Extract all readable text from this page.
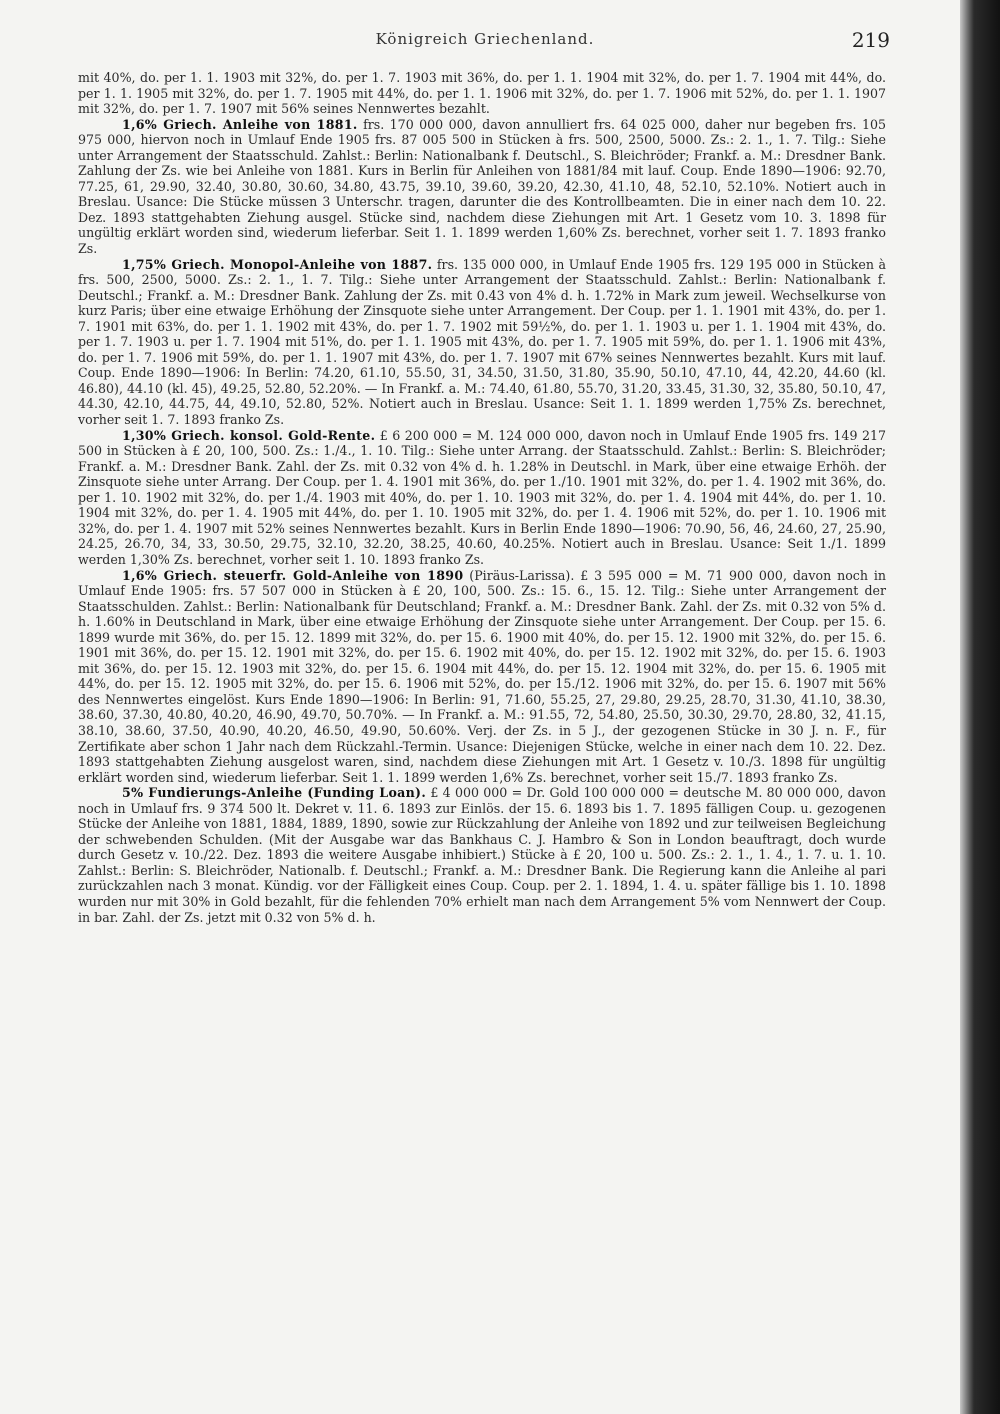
Königreich Griechenland.	219

mit 40%, do. per 1. 1. 1903 mit 32%, do. per 1. 7. 1903 mit 36%, do. per 1. 1. 1904 mit 32%, do. per 1. 7. 1904 mit 44%, do. per 1. 1. 1905 mit 32%, do. per 1. 7. 1905 mit 44%, do. per 1. 1. 1906 mit 32%, do. per 1. 7. 1906 mit 52%, do. per 1. 1. 1907 mit 32%, do. per 1. 7. 1907 mit 56% seines Nennwertes bezahlt.

1,6% Griech. Anleihe von 1881. frs. 170 000 000, davon annulliert frs. 64 025 000, daher nur begeben frs. 105 975 000, hiervon noch in Umlauf Ende 1905 frs. 87 005 500 in Stücken à frs. 500, 2500, 5000. Zs.: 2. 1., 1. 7. Tilg.: Siehe unter Arrangement der Staatsschuld. Zahlst.: Berlin: Nationalbank f. Deutschl., S. Bleichröder; Frankf. a. M.: Dresdner Bank. Zahlung der Zs. wie bei Anleihe von 1881. Kurs in Berlin für Anleihen von 1881/84 mit lauf. Coup. Ende 1890—1906: 92.70, 77.25, 61, 29.90, 32.40, 30.80, 30.60, 34.80, 43.75, 39.10, 39.60, 39.20, 42.30, 41.10, 48, 52.10, 52.10%. Notiert auch in Breslau. Usance: Die Stücke müssen 3 Unterschr. tragen, darunter die des Kontrollbeamten. Die in einer nach dem 10. 22. Dez. 1893 stattgehabten Ziehung ausgel. Stücke sind, nachdem diese Ziehungen mit Art. 1 Gesetz vom 10. 3. 1898 für ungültig erklärt worden sind, wiederum lieferbar. Seit 1. 1. 1899 werden 1,60% Zs. berechnet, vorher seit 1. 7. 1893 franko Zs.

1,75% Griech. Monopol-Anleihe von 1887. frs. 135 000 000, in Umlauf Ende 1905 frs. 129 195 000 in Stücken à frs. 500, 2500, 5000. Zs.: 2. 1., 1. 7. Tilg.: Siehe unter Arrangement der Staatsschuld. Zahlst.: Berlin: Nationalbank f. Deutschl.; Frankf. a. M.: Dresdner Bank. Zahlung der Zs. mit 0.43 von 4% d. h. 1.72% in Mark zum jeweil. Wechselkurse von kurz Paris; über eine etwaige Erhöhung der Zinsquote siehe unter Arrangement. Der Coup. per 1. 1. 1901 mit 43%, do. per 1. 7. 1901 mit 63%, do. per 1. 1. 1902 mit 43%, do. per 1. 7. 1902 mit 59½%, do. per 1. 1. 1903 u. per 1. 1. 1904 mit 43%, do. per 1. 7. 1903 u. per 1. 7. 1904 mit 51%, do. per 1. 1. 1905 mit 43%, do. per 1. 7. 1905 mit 59%, do. per 1. 1. 1906 mit 43%, do. per 1. 7. 1906 mit 59%, do. per 1. 1. 1907 mit 43%, do. per 1. 7. 1907 mit 67% seines Nennwertes bezahlt. Kurs mit lauf. Coup. Ende 1890—1906: In Berlin: 74.20, 61.10, 55.50, 31, 34.50, 31.50, 31.80, 35.90, 50.10, 47.10, 44, 42.20, 44.60 (kl. 46.80), 44.10 (kl. 45), 49.25, 52.80, 52.20%. — In Frankf. a. M.: 74.40, 61.80, 55.70, 31.20, 33.45, 31.30, 32, 35.80, 50.10, 47, 44.30, 42.10, 44.75, 44, 49.10, 52.80, 52%. Notiert auch in Breslau. Usance: Seit 1. 1. 1899 werden 1,75% Zs. berechnet, vorher seit 1. 7. 1893 franko Zs.

1,30% Griech. konsol. Gold-Rente. £ 6 200 000 = M. 124 000 000, davon noch in Umlauf Ende 1905 frs. 149 217 500 in Stücken à £ 20, 100, 500. Zs.: 1./4., 1. 10. Tilg.: Siehe unter Arrang. der Staatsschuld. Zahlst.: Berlin: S. Bleichröder; Frankf. a. M.: Dresdner Bank. Zahl. der Zs. mit 0.32 von 4% d. h. 1.28% in Deutschl. in Mark, über eine etwaige Erhöh. der Zinsquote siehe unter Arrang. Der Coup. per 1. 4. 1901 mit 36%, do. per 1./10. 1901 mit 32%, do. per 1. 4. 1902 mit 36%, do. per 1. 10. 1902 mit 32%, do. per 1./4. 1903 mit 40%, do. per 1. 10. 1903 mit 32%, do. per 1. 4. 1904 mit 44%, do. per 1. 10. 1904 mit 32%, do. per 1. 4. 1905 mit 44%, do. per 1. 10. 1905 mit 32%, do. per 1. 4. 1906 mit 52%, do. per 1. 10. 1906 mit 32%, do. per 1. 4. 1907 mit 52% seines Nennwertes bezahlt. Kurs in Berlin Ende 1890—1906: 70.90, 56, 46, 24.60, 27, 25.90, 24.25, 26.70, 34, 33, 30.50, 29.75, 32.10, 32.20, 38.25, 40.60, 40.25%. Notiert auch in Breslau. Usance: Seit 1./1. 1899 werden 1,30% Zs. berechnet, vorher seit 1. 10. 1893 franko Zs.

1,6% Griech. steuerfr. Gold-Anleihe von 1890 (Piräus-Larissa). £ 3 595 000 = M. 71 900 000, davon noch in Umlauf Ende 1905: frs. 57 507 000 in Stücken à £ 20, 100, 500. Zs.: 15. 6., 15. 12. Tilg.: Siehe unter Arrangement der Staatsschulden. Zahlst.: Berlin: Nationalbank für Deutschland; Frankf. a. M.: Dresdner Bank. Zahl. der Zs. mit 0.32 von 5% d. h. 1.60% in Deutschland in Mark, über eine etwaige Erhöhung der Zinsquote siehe unter Arrangement. Der Coup. per 15. 6. 1899 wurde mit 36%, do. per 15. 12. 1899 mit 32%, do. per 15. 6. 1900 mit 40%, do. per 15. 12. 1900 mit 32%, do. per 15. 6. 1901 mit 36%, do. per 15. 12. 1901 mit 32%, do. per 15. 6. 1902 mit 40%, do. per 15. 12. 1902 mit 32%, do. per 15. 6. 1903 mit 36%, do. per 15. 12. 1903 mit 32%, do. per 15. 6. 1904 mit 44%, do. per 15. 12. 1904 mit 32%, do. per 15. 6. 1905 mit 44%, do. per 15. 12. 1905 mit 32%, do. per 15. 6. 1906 mit 52%, do. per 15./12. 1906 mit 32%, do. per 15. 6. 1907 mit 56% des Nennwertes eingelöst. Kurs Ende 1890—1906: In Berlin: 91, 71.60, 55.25, 27, 29.80, 29.25, 28.70, 31.30, 41.10, 38.30, 38.60, 37.30, 40.80, 40.20, 46.90, 49.70, 50.70%. — In Frankf. a. M.: 91.55, 72, 54.80, 25.50, 30.30, 29.70, 28.80, 32, 41.15, 38.10, 38.60, 37.50, 40.90, 40.20, 46.50, 49.90, 50.60%. Verj. der Zs. in 5 J., der gezogenen Stücke in 30 J. n. F., für Zertifikate aber schon 1 Jahr nach dem Rückzahl.-Termin. Usance: Diejenigen Stücke, welche in einer nach dem 10. 22. Dez. 1893 stattgehabten Ziehung ausgelost waren, sind, nachdem diese Ziehungen mit Art. 1 Gesetz v. 10./3. 1898 für ungültig erklärt worden sind, wiederum lieferbar. Seit 1. 1. 1899 werden 1,6% Zs. berechnet, vorher seit 15./7. 1893 franko Zs.

5% Fundierungs-Anleihe (Funding Loan). £ 4 000 000 = Dr. Gold 100 000 000 = deutsche M. 80 000 000, davon noch in Umlauf frs. 9 374 500 lt. Dekret v. 11. 6. 1893 zur Einlös. der 15. 6. 1893 bis 1. 7. 1895 fälligen Coup. u. gezogenen Stücke der Anleihe von 1881, 1884, 1889, 1890, sowie zur Rückzahlung der Anleihe von 1892 und zur teilweisen Begleichung der schwebenden Schulden. (Mit der Ausgabe war das Bankhaus C. J. Hambro & Son in London beauftragt, doch wurde durch Gesetz v. 10./22. Dez. 1893 die weitere Ausgabe inhibiert.) Stücke à £ 20, 100 u. 500. Zs.: 2. 1., 1. 4., 1. 7. u. 1. 10. Zahlst.: Berlin: S. Bleichröder, Nationalb. f. Deutschl.; Frankf. a. M.: Dresdner Bank. Die Regierung kann die Anleihe al pari zurückzahlen nach 3 monat. Kündig. vor der Fälligkeit eines Coup. Coup. per 2. 1. 1894, 1. 4. u. später fällige bis 1. 10. 1898 wurden nur mit 30% in Gold bezahlt, für die fehlenden 70% erhielt man nach dem Arrangement 5% vom Nennwert der Coup. in bar. Zahl. der Zs. jetzt mit 0.32 von 5% d. h.
